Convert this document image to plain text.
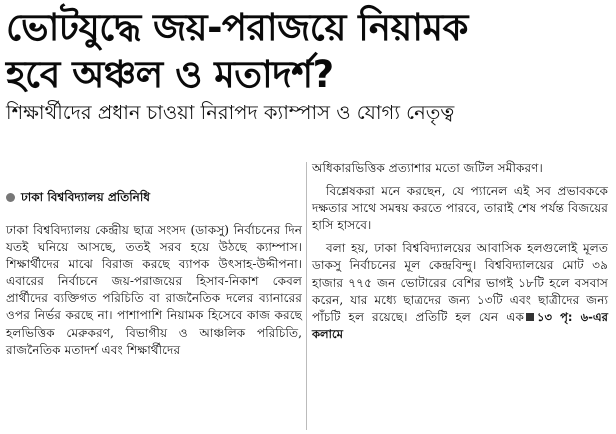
ভোটযুদ্ধে জয়-পরাজয়ে নিয়ামক
হবে অঞ্চল ও মতাদর্শ?
শিক্ষার্থীদের প্রধান চাওয়া নিরাপদ ক্যাম্পাস ও যোগ্য নেতৃত্ব
ঢাকা বিশ্ববিদ্যালয় প্রতিনিধি

ঢাকা বিশ্ববিদ্যালয় কেন্দ্রীয় ছাত্র সংসদ (ডাকসু) নির্বাচনের দিন যতই ঘনিয়ে আসছে, ততই সরব হয়ে উঠছে ক্যাম্পাস। শিক্ষার্থীদের মাঝে বিরাজ করছে ব্যাপক উৎসাহ-উদ্দীপনা। এবারের নির্বাচনে জয়-পরাজয়ের হিসাব-নিকাশ কেবল প্রার্থীদের ব্যক্তিগত পরিচিতি বা রাজনৈতিক দলের ব্যানারের ওপর নির্ভর করছে না। পাশাপাশি নিয়ামক হিসেবে কাজ করছে হলভিত্তিক মেরুকরণ, বিভাগীয় ও আঞ্চলিক পরিচিতি, রাজনৈতিক মতাদর্শ এবং শিক্ষার্থীদের

অধিকারভিত্তিক প্রত্যাশার মতো জটিল সমীকরণ।

বিশ্লেষকরা মনে করছেন, যে প্যানেল এই সব প্রভাবককে দক্ষতার সাথে সমন্বয় করতে পারবে, তারাই শেষ পর্যন্ত বিজয়ের হাসি হাসবে।

বলা হয়, ঢাকা বিশ্ববিদ্যালয়ের আবাসিক হলগুলোই মূলত ডাকসু নির্বাচনের মূল কেন্দ্রবিন্দু। বিশ্ববিদ্যালয়ের মোট ৩৯ হাজার ৭৭৫ জন ভোটারের বেশির ভাগই ১৮টি হলে বসবাস করেন, যার মধ্যে ছাত্রদের জন্য ১৩টি এবং ছাত্রীদের জন্য পাঁচটি হল রয়েছে। প্রতিটি হল যেন এক ১৩ পৃ: ৬-এর কলামে
